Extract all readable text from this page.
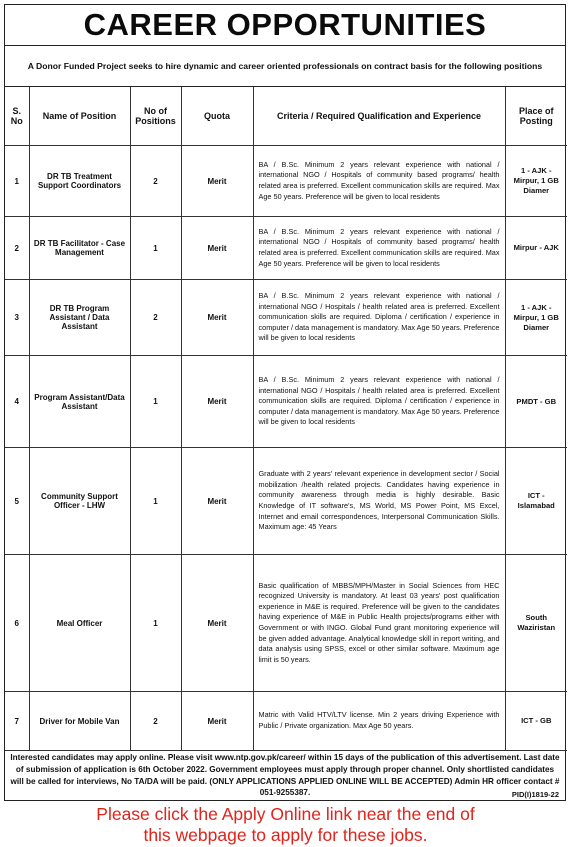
CAREER OPPORTUNITIES
A Donor Funded Project seeks to hire dynamic and career oriented professionals on contract basis for the following positions
S. No	Name of Position	No of Positions	Quota	Criteria / Required Qualification and Experience	Place of Posting
1	DR TB Treatment Support Coordinators	2	Merit	BA / B.Sc. Minimum 2 years relevant experience with national / international NGO / Hospitals of community based programs/ health related area is preferred. Excellent communication skills are required. Max Age 50 years. Preference will be given to local residents	1 - AJK - Mirpur, 1 GB Diamer
2	DR TB Facilitator - Case Management	1	Merit	BA / B.Sc. Minimum 2 years relevant experience with national / international NGO / Hospitals of community based programs/ health related area is preferred. Excellent communication skills are required. Max Age 50 years. Preference will be given to local residents	Mirpur - AJK
3	DR TB Program Assistant / Data Assistant	2	Merit	BA / B.Sc. Minimum 2 years relevant experience with national / international NGO / Hospitals / health related area is preferred. Excellent communication skills are required. Diploma / certification / experience in computer / data management is mandatory. Max Age 50 years. Preference will be given to local residents	1 - AJK - Mirpur, 1 GB Diamer
4	Program Assistant/Data Assistant	1	Merit	BA / B.Sc. Minimum 2 years relevant experience with national / international NGO / Hospitals / health related area is preferred. Excellent communication skills are required. Diploma / certification / experience in computer / data management is mandatory. Max Age 50 years. Preference will be given to local residents	PMDT - GB
5	Community Support Officer - LHW	1	Merit	Graduate with 2 years' relevant experience in development sector / Social mobilization /health related projects. Candidates having experience in community awareness through media is highly desirable. Basic Knowledge of IT software's, MS World, MS Power Point, MS Excel, Internet and email correspondences, Interpersonal Communication Skills. Maximum age: 45 Years	ICT - Islamabad
6	Meal Officer	1	Merit	Basic qualification of MBBS/MPH/Master in Social Sciences from HEC recognized University is mandatory. At least 03 years' post qualification experience in M&E is required. Preference will be given to the candidates having experience of M&E in Public Health projects/programs either with Government or with INGO. Global Fund grant monitoring experience will be given added advantage. Analytical knowledge skill in report writing, and data analysis using SPSS, excel or other similar software. Maximum age limit is 50 years.	South Waziristan
7	Driver for Mobile Van	2	Merit	Matric with Valid HTV/LTV license. Min 2 years driving Experience with Public / Private organization. Max Age 50 years.	ICT - GB
Interested candidates may apply online. Please visit www.ntp.gov.pk/career/ within 15 days of the publication of this advertisement. Last date of submission of application is 6th October 2022. Government employees must apply through proper channel. Only shortlisted candidates will be called for interviews, No TA/DA will be paid. (ONLY APPLICATIONS APPLIED ONLINE WILL BE ACCEPTED) Admin HR officer contact # 051-9255387.	PID(I)1819-22
Please click the Apply Online link near the end of
this webpage to apply for these jobs.
